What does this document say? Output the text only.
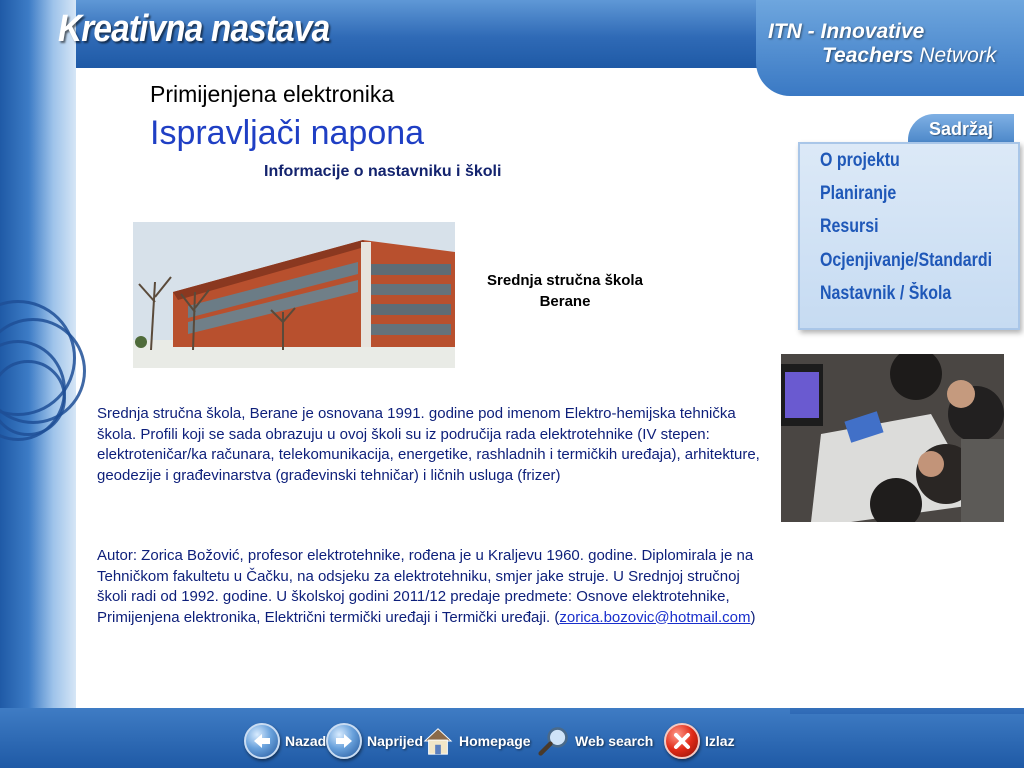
Kreativna nastava	ITN - Innovative
Teachers Network
Sadržaj
O projektu
Planiranje
Resursi
Ocjenjivanje/Standardi
Nastavnik / Škola
Primijenjena elektronika
Ispravljači napona
Informacije o nastavniku i školi
Srednja stručna škola
Berane
Srednja stručna škola, Berane je osnovana 1991. godine pod imenom Elektro-hemijska tehnička škola. Profili koji se sada obrazuju u ovoj školi su iz područija rada elektrotehnike (IV stepen: elektroteničar/ka računara, telekomunikacija, energetike, rashladnih i termičkih uređaja), arhitekture, geodezije i građevinarstva (građevinski tehničar) i ličnih usluga (frizer)
Autor: Zorica Božović, profesor elektrotehnike, rođena je u Kraljevu 1960. godine. Diplomirala je na Tehničkom fakultetu u Čačku, na odsjeku za elektrotehniku, smjer jake struje. U Srednjoj stručnoj školi radi od 1992. godine. U školskoj godini 2011/12 predaje predmete: Osnove elektrotehnike, Primijenjena elektronika, Električni termički uređaji i Termički uređaji. (zorica.bozovic@hotmail.com)
Nazad	Naprijed	Homepage	Web search	Izlaz
